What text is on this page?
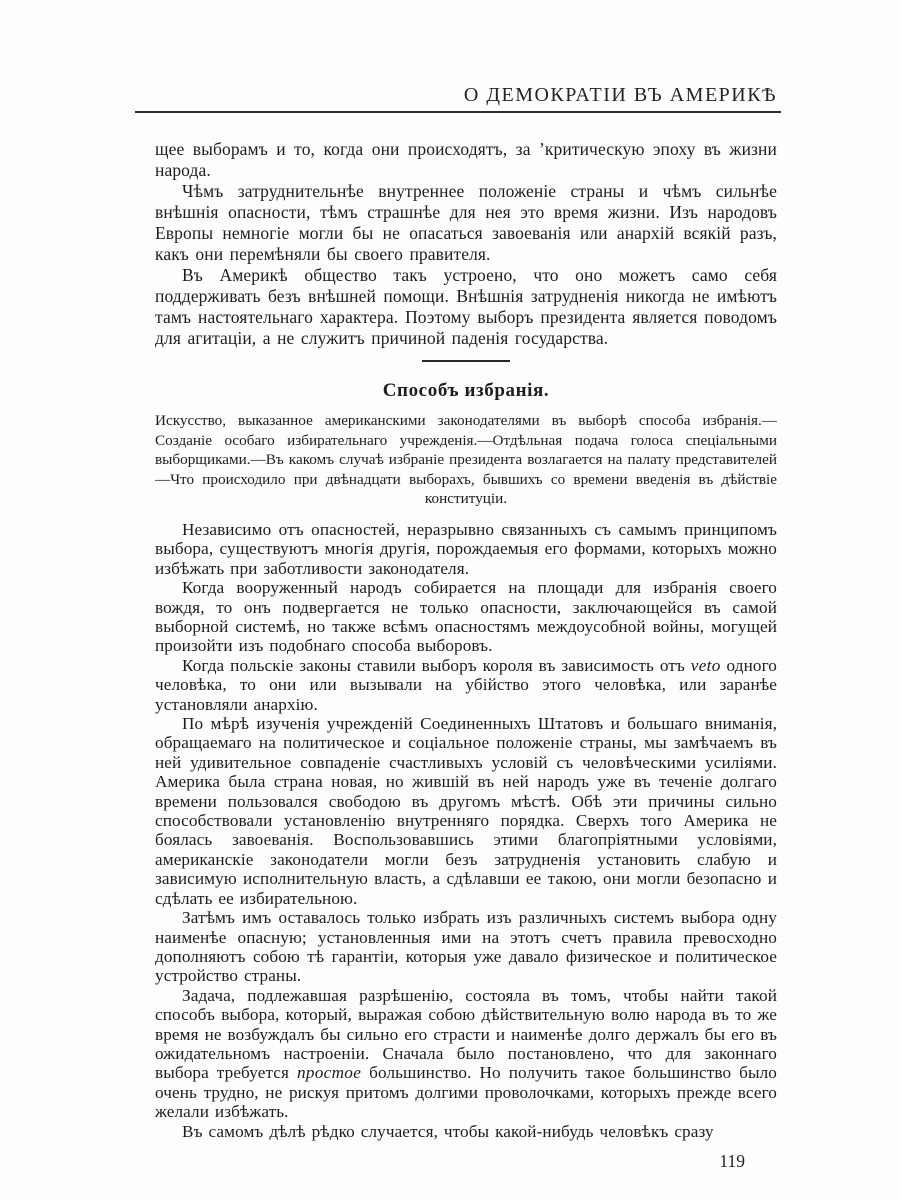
О ДЕМОКРАТІИ ВЪ АМЕРИКѢ

щее выборамъ и то, когда они происходятъ, за ’критическую эпоху въ жизни народа.

Чѣмъ затруднительнѣе внутреннее положеніе страны и чѣмъ сильнѣе внѣшнія опасности, тѣмъ страшнѣе для нея это время жизни. Изъ народовъ Европы немногіе могли бы не опасаться завоеванія или анархій всякій разъ, какъ они перемѣняли бы своего правителя.

Въ Америкѣ общество такъ устроено, что оно можетъ само себя поддерживать безъ внѣшней помощи. Внѣшнія затрудненія никогда не имѣютъ тамъ настоятельнаго характера. Поэтому выборъ президента является поводомъ для агитаціи, а не служитъ причиной паденія государства.

Способъ избранія.

Искусство, выказанное американскими законодателями въ выборѣ способа избранія.—Созданіе особаго избирательнаго учрежденія.—Отдѣльная подача голоса спеціальными выборщиками.—Въ какомъ случаѣ избраніе президента возлагается на палату представителей —Что происходило при двѣнадцати выборахъ, бывшихъ со времени введенія въ дѣйствіе конституціи.

Независимо отъ опасностей, неразрывно связанныхъ съ самымъ принципомъ выбора, существуютъ многія другія, порождаемыя его формами, которыхъ можно избѣжать при заботливости законодателя.

Когда вооруженный народъ собирается на площади для избранія своего вождя, то онъ подвергается не только опасности, заключающейся въ самой выборной системѣ, но также всѣмъ опасностямъ междоусобной войны, могущей произойти изъ подобнаго способа выборовъ.

Когда польскіе законы ставили выборъ короля въ зависимость отъ veto одного человѣка, то они или вызывали на убійство этого человѣка, или заранѣе установляли анархію.

По мѣрѣ изученія учрежденій Соединенныхъ Штатовъ и большаго вниманія, обращаемаго на политическое и соціальное положеніе страны, мы замѣчаемъ въ ней удивительное совпаденіе счастливыхъ условій съ человѣческими усиліями. Америка была страна новая, но жившій въ ней народъ уже въ теченіе долгаго времени пользовался свободою въ другомъ мѣстѣ. Обѣ эти причины сильно способствовали установленію внутренняго порядка. Сверхъ того Америка не боялась завоеванія. Воспользовавшись этими благопріятными условіями, американскіе законодатели могли безъ затрудненія установить слабую и зависимую исполнительную власть, а сдѣлавши ее такою, они могли безопасно и сдѣлать ее избирательною.

Затѣмъ имъ оставалось только избрать изъ различныхъ системъ выбора одну наименѣе опасную; установленныя ими на этотъ счетъ правила превосходно дополняютъ собою тѣ гарантіи, которыя уже давало физическое и политическое устройство страны.

Задача, подлежавшая разрѣшенію, состояла въ томъ, чтобы найти такой способъ выбора, который, выражая собою дѣйствительную волю народа въ то же время не возбуждалъ бы сильно его страсти и наименѣе долго держалъ бы его въ ожидательномъ настроеніи. Сначала было постановлено, что для законнаго выбора требуется простое большинство. Но получить такое большинство было очень трудно, не рискуя притомъ долгими проволочками, которыхъ прежде всего желали избѣжать.

Въ самомъ дѣлѣ рѣдко случается, чтобы какой-нибудь человѣкъ сразу

119
